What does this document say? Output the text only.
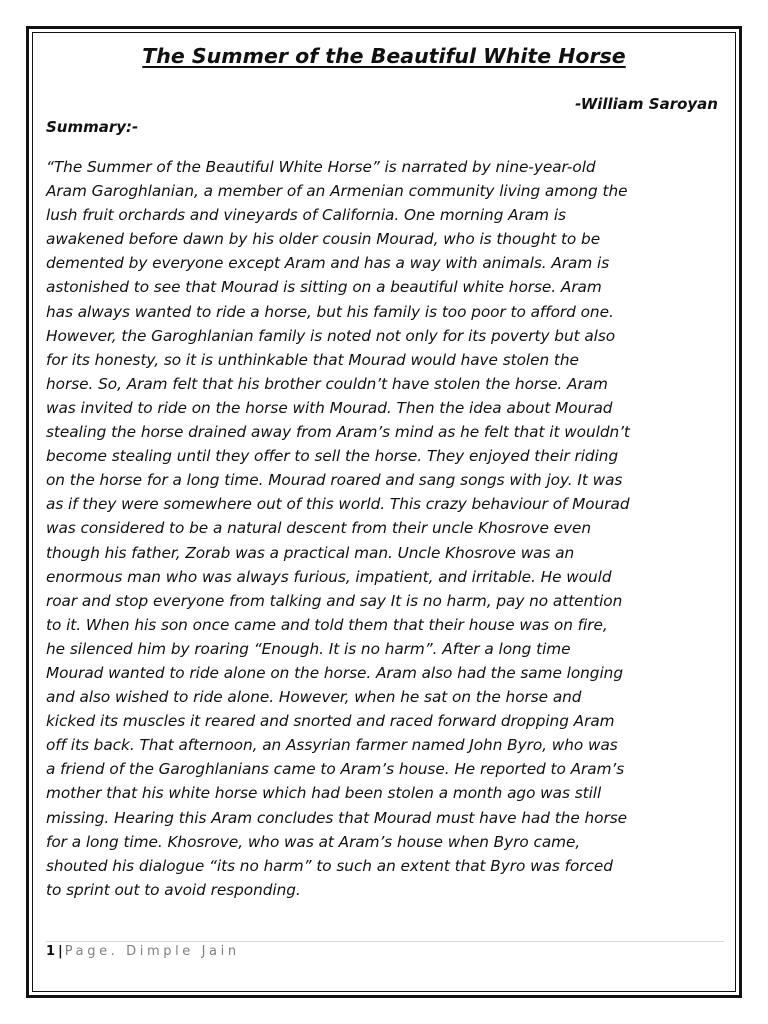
The Summer of the Beautiful White Horse
-William Saroyan
Summary:-
“The Summer of the Beautiful White Horse” is narrated by nine-year-old
Aram Garoghlanian, a member of an Armenian community living among the
lush fruit orchards and vineyards of California. One morning Aram is
awakened before dawn by his older cousin Mourad, who is thought to be
demented by everyone except Aram and has a way with animals. Aram is
astonished to see that Mourad is sitting on a beautiful white horse. Aram
has always wanted to ride a horse, but his family is too poor to afford one.
However, the Garoghlanian family is noted not only for its poverty but also
for its honesty, so it is unthinkable that Mourad would have stolen the
horse. So, Aram felt that his brother couldn’t have stolen the horse. Aram
was invited to ride on the horse with Mourad. Then the idea about Mourad
stealing the horse drained away from Aram’s mind as he felt that it wouldn’t
become stealing until they offer to sell the horse. They enjoyed their riding
on the horse for a long time. Mourad roared and sang songs with joy. It was
as if they were somewhere out of this world. This crazy behaviour of Mourad
was considered to be a natural descent from their uncle Khosrove even
though his father, Zorab was a practical man. Uncle Khosrove was an
enormous man who was always furious, impatient, and irritable. He would
roar and stop everyone from talking and say It is no harm, pay no attention
to it. When his son once came and told them that their house was on fire,
he silenced him by roaring “Enough. It is no harm”. After a long time
Mourad wanted to ride alone on the horse. Aram also had the same longing
and also wished to ride alone. However, when he sat on the horse and
kicked its muscles it reared and snorted and raced forward dropping Aram
off its back. That afternoon, an Assyrian farmer named John Byro, who was
a friend of the Garoghlanians came to Aram’s house. He reported to Aram’s
mother that his white horse which had been stolen a month ago was still
missing. Hearing this Aram concludes that Mourad must have had the horse
for a long time. Khosrove, who was at Aram’s house when Byro came,
shouted his dialogue “its no harm” to such an extent that Byro was forced
to sprint out to avoid responding.
1 | Page. Dimple Jain
